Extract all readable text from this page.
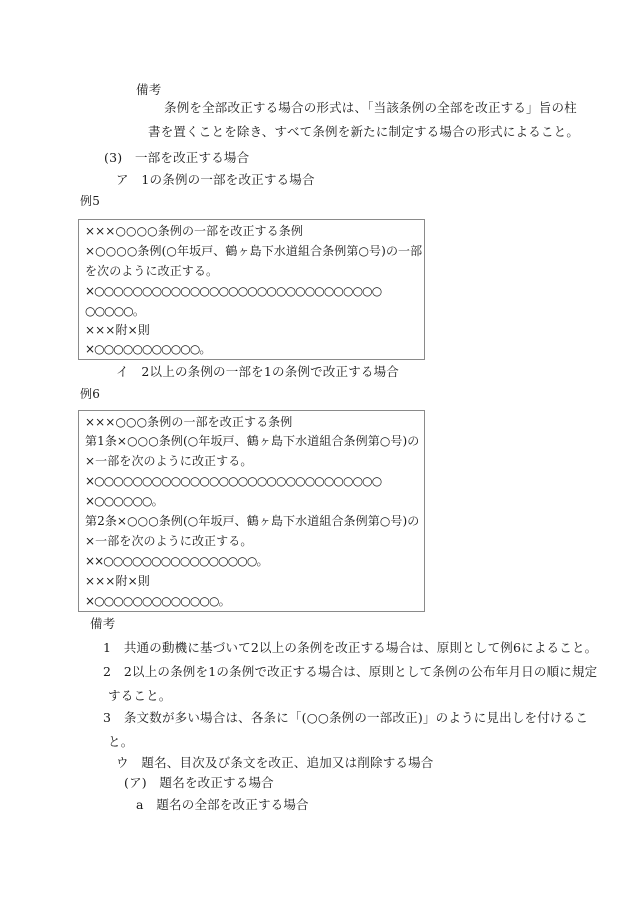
備考
条例を全部改正する場合の形式は、「当該条例の全部を改正する」旨の柱
書を置くことを除き、すべて条例を新たに制定する場合の形式によること。
(3)　一部を改正する場合
ア　1の条例の一部を改正する場合
例5
×××○○○○条例の一部を改正する条例
×○○○○条例(○年坂戸、鶴ヶ島下水道組合条例第○号)の一部
を次のように改正する。
×○○○○○○○○○○○○○○○○○○○○○○○○○○○○○○
○○○○○。
×××附×則
×○○○○○○○○○○○。
イ　2以上の条例の一部を1の条例で改正する場合
例6
×××○○○条例の一部を改正する条例
第1条×○○○条例(○年坂戸、鶴ヶ島下水道組合条例第○号)の
×一部を次のように改正する。
×○○○○○○○○○○○○○○○○○○○○○○○○○○○○○○
×○○○○○○。
第2条×○○○条例(○年坂戸、鶴ヶ島下水道組合条例第○号)の
×一部を次のように改正する。
××○○○○○○○○○○○○○○○○。
×××附×則
×○○○○○○○○○○○○○。
備考
1　共通の動機に基づいて2以上の条例を改正する場合は、原則として例6によること。
2　2以上の条例を1の条例で改正する場合は、原則として条例の公布年月日の順に規定
すること。
3　条文数が多い場合は、各条に「(○○条例の一部改正)」のように見出しを付けるこ
と。
ウ　題名、目次及び条文を改正、追加又は削除する場合
(ア)　題名を改正する場合
a　題名の全部を改正する場合
